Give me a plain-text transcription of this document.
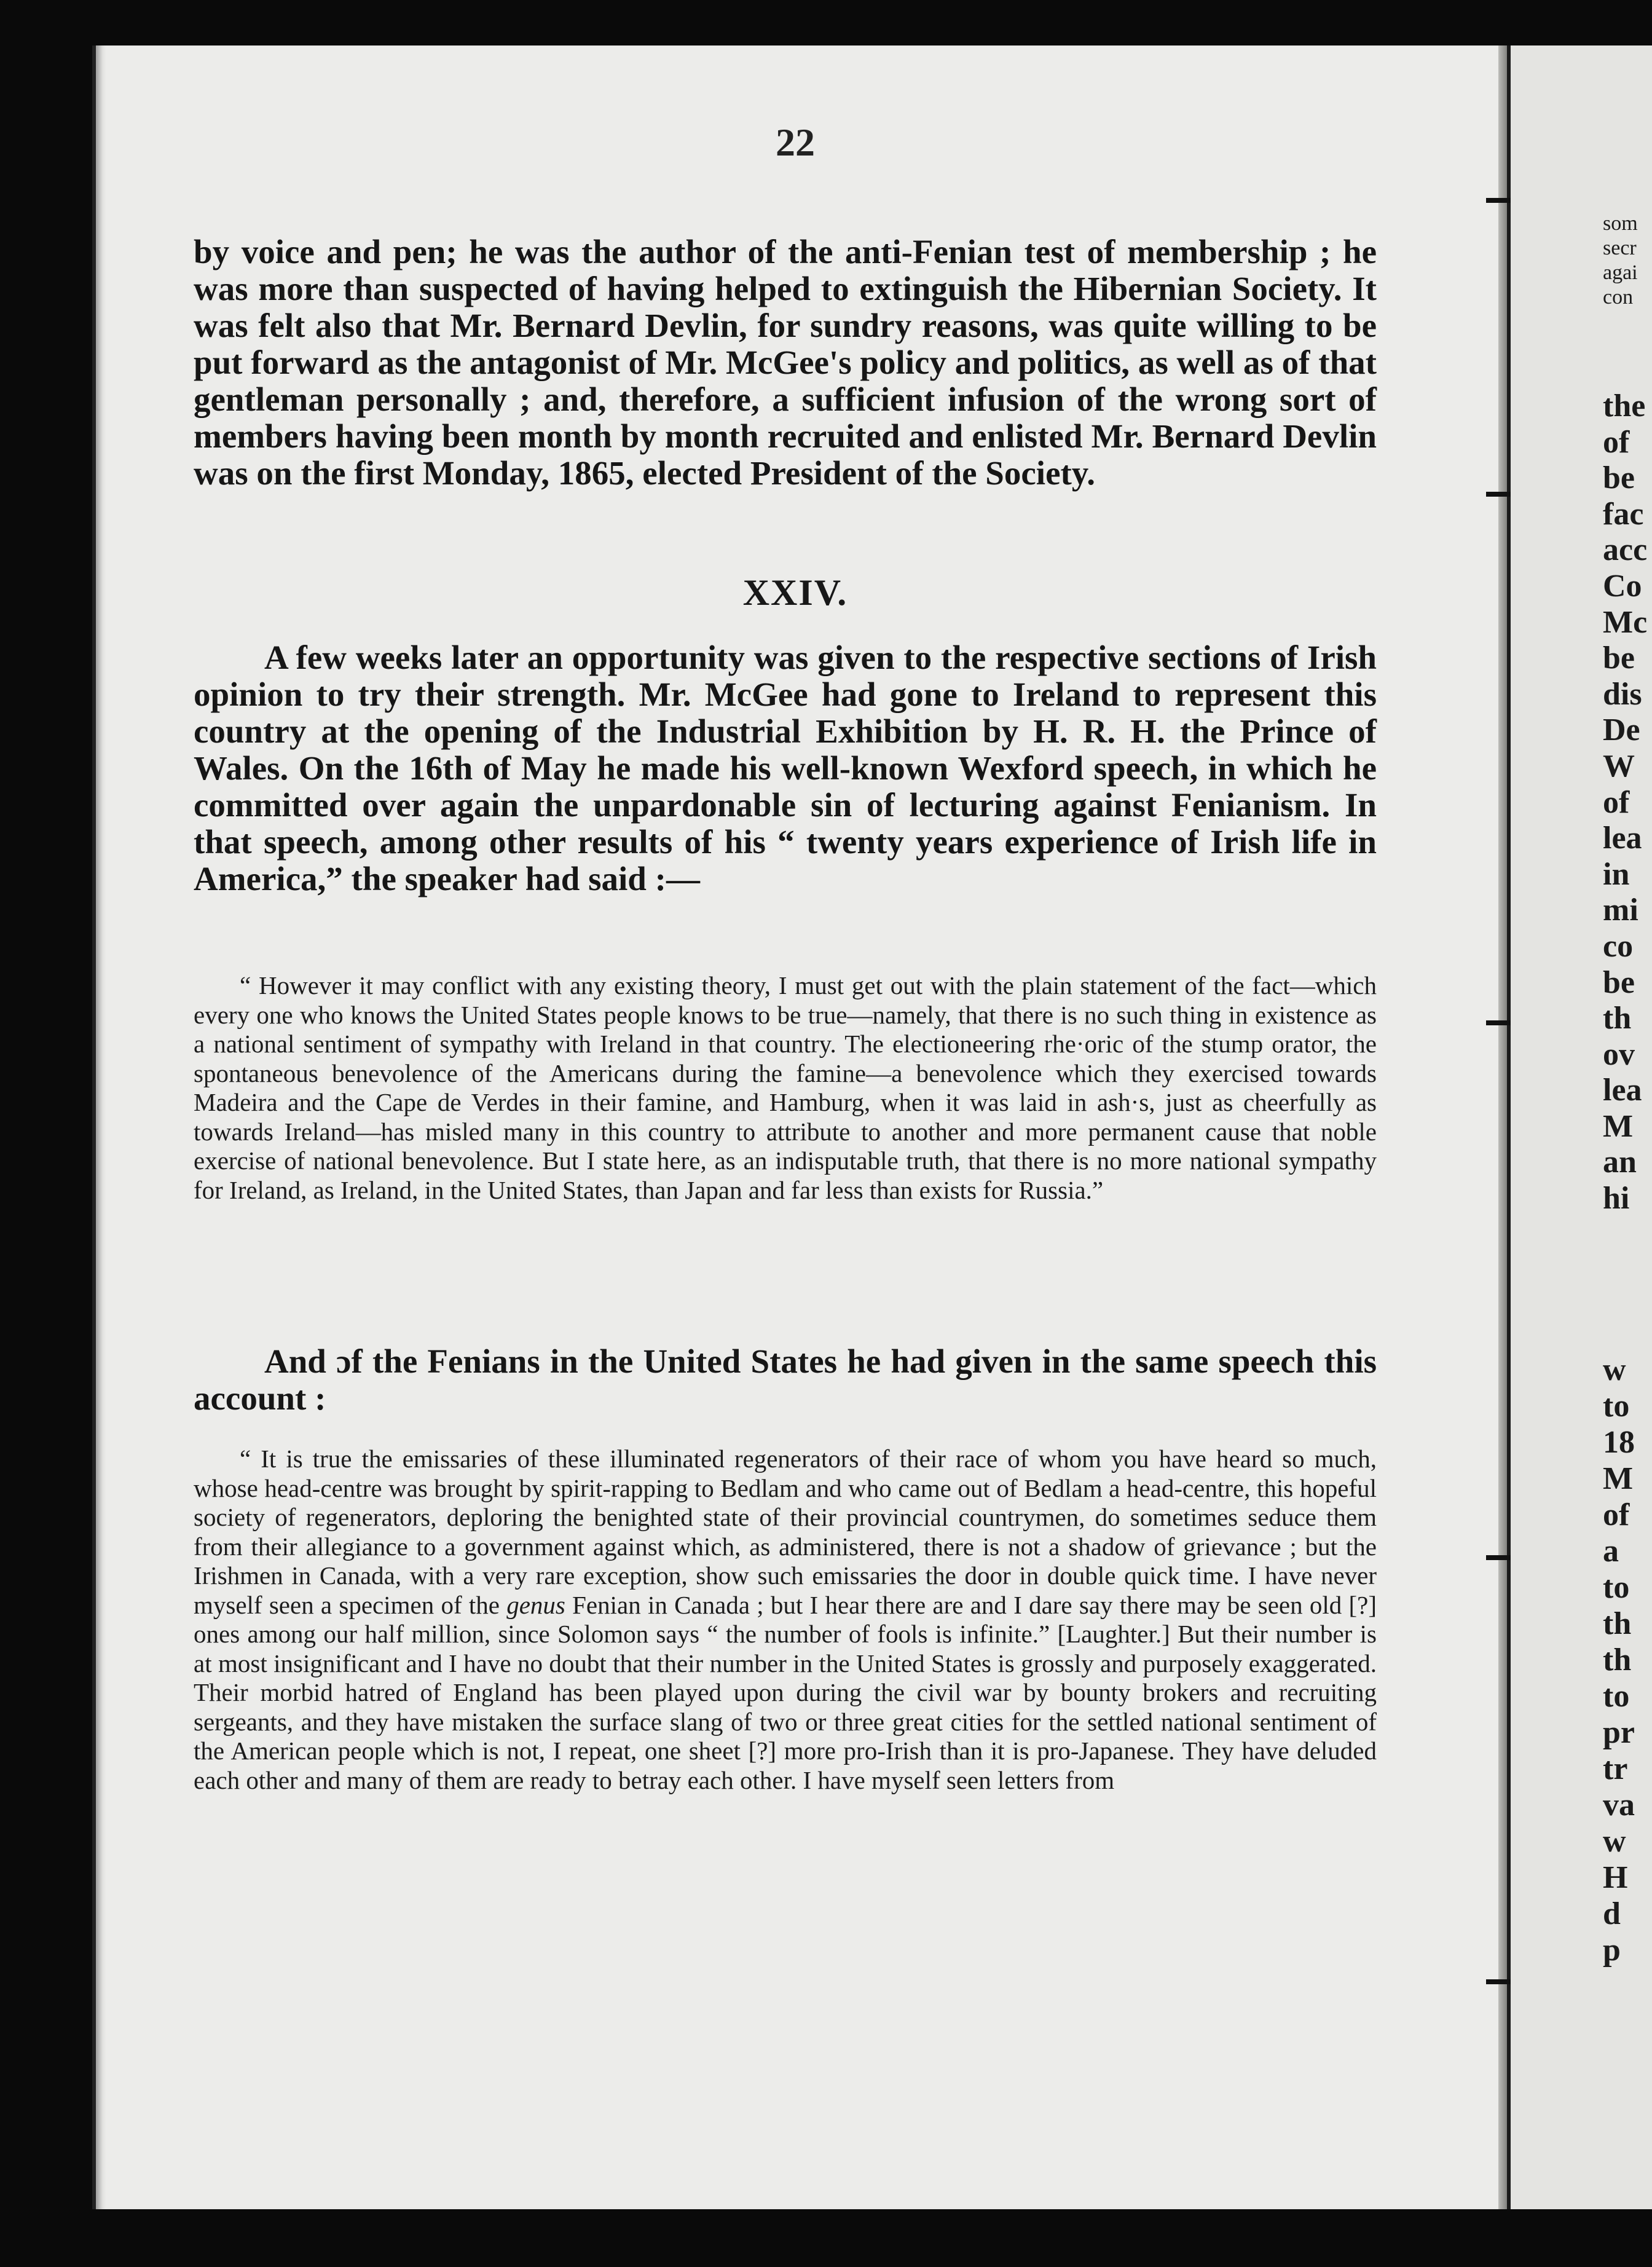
som
secr
agai
con
the
of
be
fac
acc
Co
Mc
be
dis
De
W
of
lea
in
mi
co
be
th
ov
lea
M
an
hi
w
to
18
M
of
a
to
th
th
to
pr
tr
va
w
H
d
p
22

by voice and pen; he was the author of the anti-Fenian test of membership ; he was more than suspected of having helped to extinguish the Hibernian Society. It was felt also that Mr. Bernard Devlin, for sundry reasons, was quite willing to be put forward as the antagonist of Mr. McGee's policy and politics, as well as of that gentleman personally ; and, therefore, a sufficient infusion of the wrong sort of members having been month by month recruited and enlisted Mr. Bernard Devlin was on the first Monday, 1865, elected President of the Society.

XXIV.

A few weeks later an opportunity was given to the respective sections of Irish opinion to try their strength. Mr. McGee had gone to Ireland to represent this country at the opening of the Industrial Exhibition by H. R. H. the Prince of Wales. On the 16th of May he made his well-known Wexford speech, in which he committed over again the unpardonable sin of lecturing against Fenianism. In that speech, among other results of his “ twenty years experience of Irish life in America,” the speaker had said :—

“ However it may conflict with any existing theory, I must get out with the plain statement of the fact—which every one who knows the United States people knows to be true—namely, that there is no such thing in existence as a national sentiment of sympathy with Ireland in that country. The electioneering rhe·oric of the stump orator, the spontaneous benevolence of the Americans during the famine—a benevolence which they exercised towards Madeira and the Cape de Verdes in their famine, and Hamburg, when it was laid in ash·s, just as cheerfully as towards Ireland—has misled many in this country to attribute to another and more permanent cause that noble exercise of national benevolence. But I state here, as an indisputable truth, that there is no more national sympathy for Ireland, as Ireland, in the United States, than Japan and far less than exists for Russia.”

And ɔf the Fenians in the United States he had given in the same speech this account :

“ It is true the emissaries of these illuminated regenerators of their race of whom you have heard so much, whose head-centre was brought by spirit-rapping to Bedlam and who came out of Bedlam a head-centre, this hopeful society of regenerators, deploring the benighted state of their provincial countrymen, do sometimes seduce them from their allegiance to a government against which, as administered, there is not a shadow of grievance ; but the Irishmen in Canada, with a very rare exception, show such emissaries the door in double quick time. I have never myself seen a specimen of the genus Fenian in Canada ; but I hear there are and I dare say there may be seen old [?] ones among our half million, since Solomon says “ the number of fools is infinite.” [Laughter.] But their number is at most insignificant and I have no doubt that their number in the United States is grossly and purposely exaggerated. Their morbid hatred of England has been played upon during the civil war by bounty brokers and recruiting sergeants, and they have mistaken the surface slang of two or three great cities for the settled national sentiment of the American people which is not, I repeat, one sheet [?] more pro-Irish than it is pro-Japanese. They have deluded each other and many of them are ready to betray each other. I have myself seen letters from
